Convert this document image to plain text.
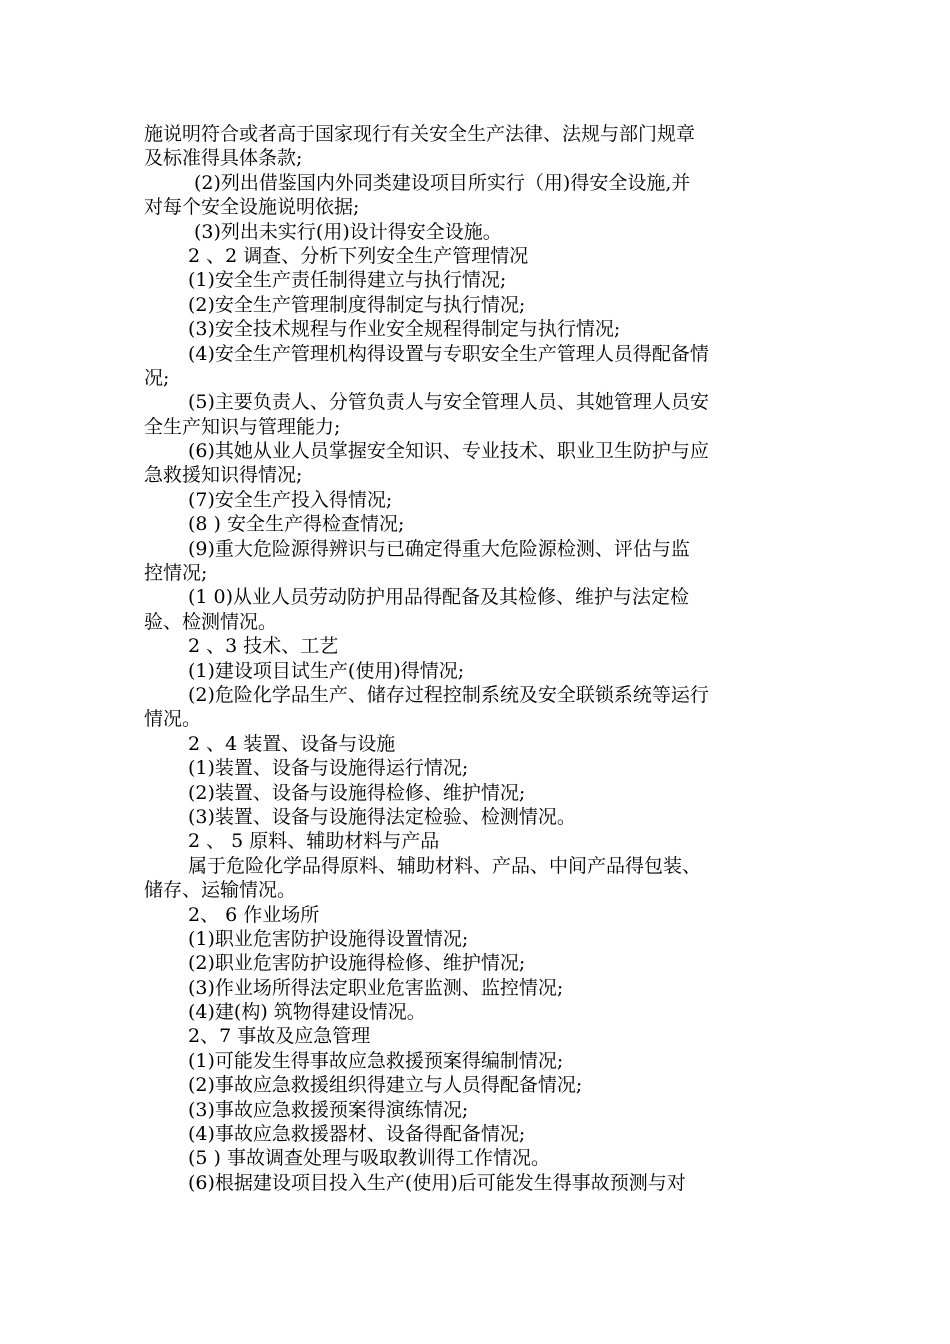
施说明符合或者高于国家现行有关安全生产法律、法规与部门规章
及标准得具体条款;
(2)列出借鉴国内外同类建设项目所实行（用)得安全设施,并
对每个安全设施说明依据;
(3)列出未实行(用)设计得安全设施。
2 、2 调查、分析下列安全生产管理情况
(1)安全生产责任制得建立与执行情况;
(2)安全生产管理制度得制定与执行情况;
(3)安全技术规程与作业安全规程得制定与执行情况;
(4)安全生产管理机构得设置与专职安全生产管理人员得配备情
况;
(5)主要负责人、分管负责人与安全管理人员、其她管理人员安
全生产知识与管理能力;
(6)其她从业人员掌握安全知识、专业技术、职业卫生防护与应
急救援知识得情况;
(7)安全生产投入得情况;
(8 ) 安全生产得检查情况;
(9)重大危险源得辨识与已确定得重大危险源检测、评估与监
控情况;
(1 0)从业人员劳动防护用品得配备及其检修、维护与法定检
验、检测情况。
2 、3 技术、工艺
(1)建设项目试生产(使用)得情况;
(2)危险化学品生产、储存过程控制系统及安全联锁系统等运行
情况。
2 、4 装置、设备与设施
(1)装置、设备与设施得运行情况;
(2)装置、设备与设施得检修、维护情况;
(3)装置、设备与设施得法定检验、检测情况。
2 、 5 原料、辅助材料与产品
属于危险化学品得原料、辅助材料、产品、中间产品得包装、
储存、运输情况。
2、 6 作业场所
(1)职业危害防护设施得设置情况;
(2)职业危害防护设施得检修、维护情况;
(3)作业场所得法定职业危害监测、监控情况;
(4)建(构) 筑物得建设情况。
2、7 事故及应急管理
(1)可能发生得事故应急救援预案得编制情况;
(2)事故应急救援组织得建立与人员得配备情况;
(3)事故应急救援预案得演练情况;
(4)事故应急救援器材、设备得配备情况;
(5 ) 事故调查处理与吸取教训得工作情况。
(6)根据建设项目投入生产(使用)后可能发生得事故预测与对
